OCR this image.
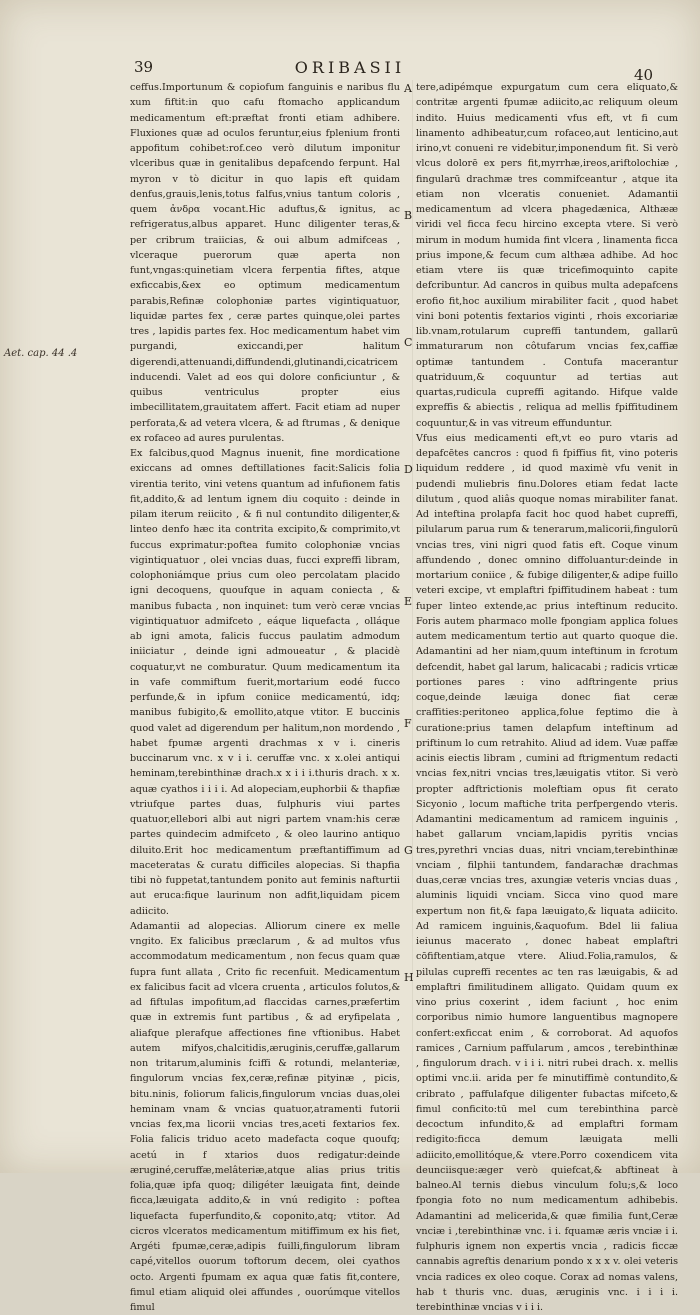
39	ORIBASII	40
Aet. cap. 44 .4

ceffus.Importunum & copiofum fanguinis e naribus flu xum fiftit:in quo cafu ftomacho applicandum medicamentum eft:præftat fronti etiam adhibere. Fluxiones quæ ad oculos feruntur,eius fplenium fronti appofitum cohibet:rof.ceo verò dilutum imponitur vlceribus quæ in genitalibus depafcendo ferpunt. Hal myron v tò dicitur in quo lapis eft quidam denfus,grauis,lenis,totus falfus,vnius tantum coloris , quem ἀνδρα vocant.Hic aduftus,& ignitus, ac refrigeratus,albus apparet. Hunc diligenter teras,& per cribrum traiicias, & oui album admifceas , vlceraque puerorum quæ aperta non funt,vngas:quinetiam vlcera ferpentia fiftes, atque exficcabis,&ex eo optimum medicamentum parabis,Refinæ colophoniæ partes vigintiquatuor, liquidæ partes fex , ceræ partes quinque,olei partes tres , lapidis partes fex. Hoc medicamentum habet vim purgandi, exiccandi,per halitum digerendi,attenuandi,diffundendi,glutinandi,cicatricem inducendi. Valet ad eos qui dolore conficiuntur , & quibus ventriculus propter eius imbecillitatem,grauitatem affert. Facit etiam ad nuper perforata,& ad vetera vlcera, & ad ftrumas , & denique ex rofaceo ad aures purulentas.

Ex falcibus,quod Magnus inuenit, fine mordicatione exiccans ad omnes deftillationes facit:Salicis folia virentia terito, vini vetens quantum ad infufionem fatis fit,addito,& ad lentum ignem diu coquito : deinde in pilam iterum reiicito , & fi nul contundito diligenter,& linteo denfo hæc ita contrita excipito,& comprimito,vt fuccus exprimatur:poftea fumito colophoniæ vncias vigintiquatuor , olei vncias duas, fucci expreffi libram, colophoniámque prius cum oleo percolatam placido igni decoquens, quoufque in aquam coniecta , & manibus fubacta , non inquinet: tum verò ceræ vncias vigintiquatuor admifceto , eáque liquefacta , olláque ab igni amota, falicis fuccus paulatim admodum iniiciatur , deinde igni admoueatur , & placidè coquatur,vt ne comburatur. Quum medicamentum ita in vafe commiftum fuerit,mortarium eodé fucco perfunde,& in ipfum coniice medicamentú, idq; manibus fubigito,& emollito,atque vtitor. E buccinis quod valet ad digerendum per halitum,non mordendo , habet fpumæ argenti drachmas x v i. cineris buccinarum vnc. x v i i. ceruffæ vnc. x x.olei antiqui heminam,terebinthinæ drach.x x i i i.thuris drach. x x. aquæ cyathos i i i i. Ad alopeciam,euphorbii & thapfiæ vtriufque partes duas, fulphuris viui partes quatuor,ellebori albi aut nigri partem vnam:his ceræ partes quindecim admifceto , & oleo laurino antiquo diluito.Erit hoc medicamentum præftantiffimum ad maceteratas & curatu difficiles alopecias. Si thapfia tibi nò fuppetat,tantundem ponito aut feminis nafturtii aut eruca:fique laurinum non adfit,liquidam picem adiicito.

Adamantii ad alopecias. Alliorum cinere ex melle vngito. Ex falicibus præclarum , & ad multos vfus accommodatum medicamentum , non fecus quam quæ fupra funt allata , Crito fic recenfuit. Medicamentum ex falicibus facit ad vlcera cruenta , articulos folutos,& ad fiftulas impofitum,ad flaccidas carnes,præfertim quæ in extremis funt partibus , & ad eryfipelata , aliafque plerafque affectiones fine vftionibus. Habet autem mifyos,chalcitidis,æruginis,ceruffæ,gallarum non tritarum,aluminis fciffi & rotundi, melanteriæ, fingulorum vncias fex,ceræ,refinæ pityinæ , picis, bitu.ninis, foliorum falicis,fingulorum vncias duas,olei heminam vnam & vncias quatuor,atramenti futorii vncias fex,ma licorii vncias tres,aceti fextarios fex. Folia falicis triduo aceto madefacta coque quoufq; acetú in f xtarios duos redigatur:deinde æruginé,ceruffæ,melâteriæ,atque alias prius tritis folia,quæ ipfa quoq; diligéter læuigata fint, deinde ficca,læuigata addito,& in vnú redigito : poftea liquefacta fuperfundito,& coponito,atq; vtitor. Ad cicros vlceratos medicamentum mitiffimum ex his fiet, Argéti fpumæ,ceræ,adipis fuilli,fingulorum libram capé,vitellos ouorum toftorum decem, olei cyathos octo. Argenti fpumam ex aqua quæ fatis fit,contere, fimul etiam aliquid olei affundes , ouorúmque vitellos fimul

A
B
C
D
E
F
G
H

tere,adipémque expurgatum cum cera eliquato,& contritæ argenti fpumæ adiicito,ac reliquum oleum indito. Huius medicamenti vfus eft, vt fi cum linamento adhibeatur,cum rofaceo,aut lenticino,aut irino,vt conueni re videbitur,imponendum fit. Si verò vlcus dolorē ex pers fit,myrrhæ,ireos,ariftolochiæ , fingularū drachmæ tres commifceantur , atque ita etiam non vlceratis conueniet. Adamantii medicamentum ad vlcera phagedænica, Althææ viridi vel ficca fecu hircino excepta vtere. Si verò mirum in modum humida fint vlcera , linamenta ficca prius impone,& fecum cum althæa adhibe. Ad hoc etiam vtere iis quæ tricefimoquinto capite defcribuntur. Ad cancros in quibus multa adepafcens erofio fit,hoc auxilium mirabiliter facit , quod habet vini boni potentis fextarios viginti , rhois excoriariæ lib.vnam,rotularum cupreffi tantundem, gallarū immaturarum non côtufarum vncias fex,caffiæ optimæ tantundem . Contufa macerantur quatriduum,& coquuntur ad tertias aut quartas,rudicula cupreffi agitando. Hifque valde expreffis & abiectis , reliqua ad mellis fpiffitudinem coquuntur,& in vas vitreum effunduntur.

Vfus eius medicamenti eft,vt eo puro vtaris ad depafcētes cancros : quod fi fpiffius fit, vino poteris liquidum reddere , id quod maximè vfu venit in pudendi muliebris finu.Dolores etiam fedat lacte dilutum , quod aliâs quoque nomas mirabiliter fanat. Ad inteftina prolapfa facit hoc quod habet cupreffi, pilularum parua rum & tenerarum,malicorii,fingulorū vncias tres, vini nigri quod fatis eft. Coque vinum affundendo , donec omnino diffoluantur:deinde in mortarium coniice , & fubige diligenter,& adipe fuillo veteri excipe, vt emplaftri fpiffitudinem habeat : tum fuper linteo extende,ac prius inteftinum reducito. Foris autem pharmaco molle fpongiam applica folues autem medicamentum tertio aut quarto quoque die. Adamantini ad her niam,quum inteftinum in fcrotum defcendit, habet gal larum, halicacabi ; radicis vrticæ portiones pares : vino adftringente prius coque,deinde læuiga donec fiat ceræ craffities:peritoneo applica,folue feptimo die à curatione:prius tamen delapfum inteftinum ad priftinum lo cum retrahito. Aliud ad idem. Vuæ paffæ acinis eiectis libram , cumini ad ftrigmentum redacti vncias fex,nitri vncias tres,læuigatis vtitor. Si verò propter adftrictionis moleftiam opus fit cerato Sicyonio , locum maftiche trita perfpergendo vteris. Adamantini medicamentum ad ramicem inguinis , habet gallarum vnciam,lapidis pyritis vncias tres,pyrethri vncias duas, nitri vnciam,terebinthinæ vnciam , filphii tantundem, fandarachæ drachmas duas,ceræ vncias tres, axungiæ veteris vncias duas , aluminis liquidi vnciam. Sicca vino quod mare expertum non fit,& fapa læuigato,& liquata adiicito. Ad ramicem inguinis,&aquofum. Bdel lii faliua ieiunus macerato , donec habeat emplaftri cōfiftentiam,atque vtere. Aliud.Folia,ramulos, & pilulas cupreffi recentes ac ten ras læuigabis, & ad emplaftri fimilitudinem alligato. Quidam quum ex vino prius coxerint , idem faciunt , hoc enim corporibus nimio humore languentibus magnopere confert:exficcat enim , & corroborat. Ad aquofos ramices , Carnium paffularum , amcos , terebinthinæ , fingulorum drach. v i i i. nitri rubei drach. x. mellis optimi vnc.ii. arida per fe minutiffimè contundito,& cribrato , paffulafque diligenter fubactas mifceto,& fimul conficito:tū mel cum terebinthina parcè decoctum infundito,& ad emplaftri formam redigito:ficca demum læuigata melli adiicito,emollitóque,& vtere.Porro coxendicem vita deunciisque:æger verò quiefcat,& abftineat à balneo.Al ternis diebus vinculum folu;s,& loco fpongia foto no num medicamentum adhibebis. Adamantini ad melicerida,& quæ fimilia funt,Ceræ vnciæ i ,terebinthinæ vnc. i i. fquamæ æris vnciæ i i. fulphuris ignem non expertis vncia , radicis ficcæ cannabis agreftis denarium pondo x x x v. olei veteris vncia radices ex oleo coque. Corax ad nomas valens, hab t thuris vnc. duas, æruginis vnc. i i i i. terebinthinæ vncias v i i i.
